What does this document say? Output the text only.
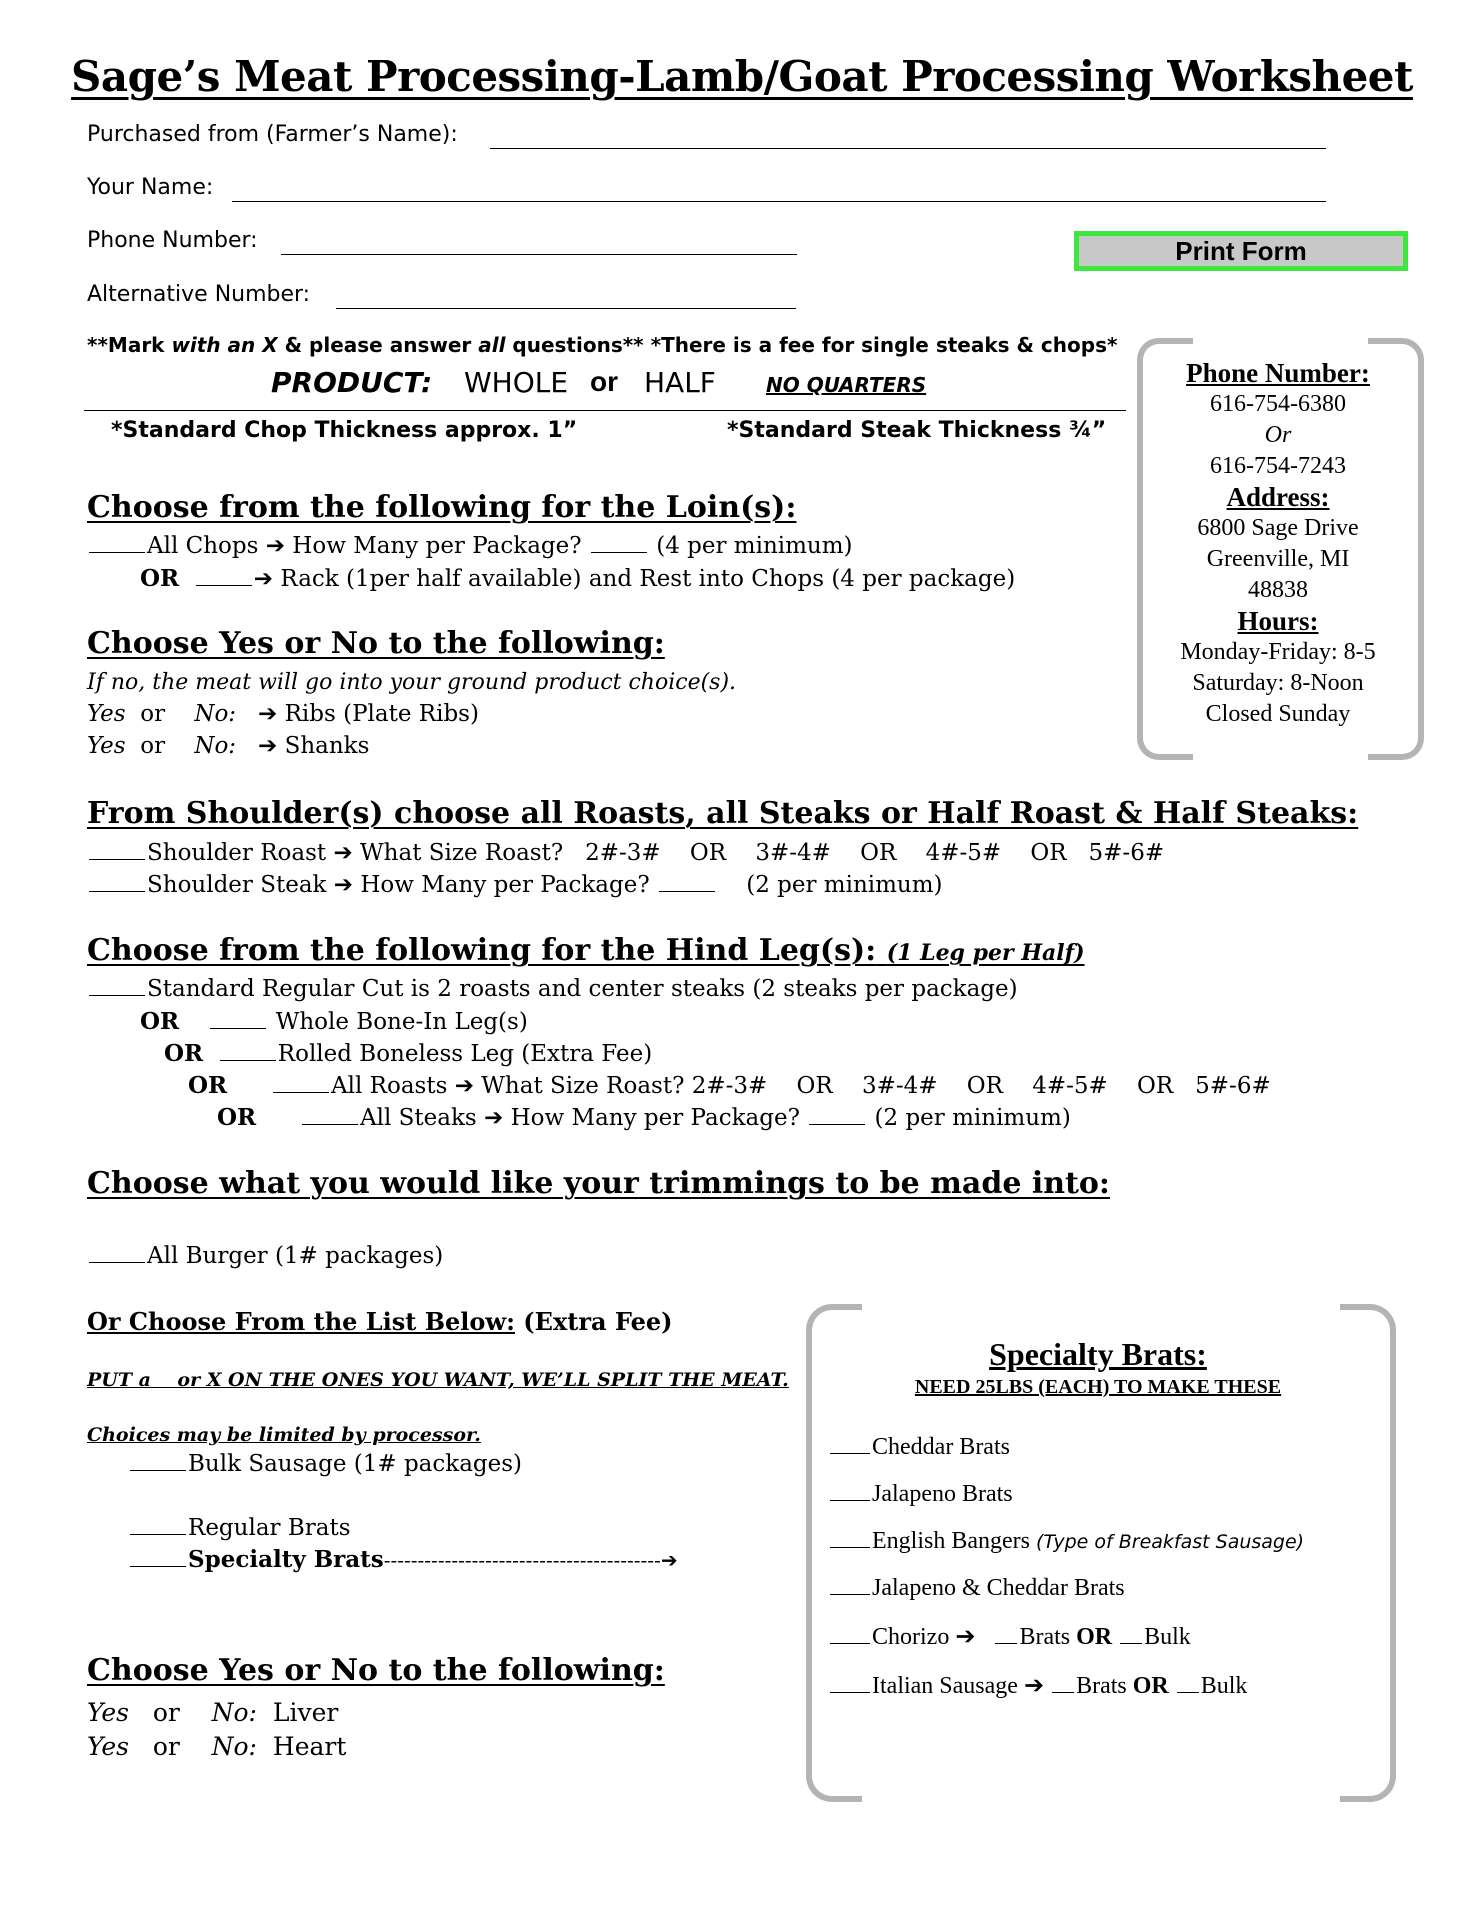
Sage’s Meat Processing-Lamb/Goat Processing Worksheet
Purchased from (Farmer’s Name):
Your Name:
Phone Number:	Print Form
Alternative Number:
**Mark with an X & please answer all questions** *There is a fee for single steaks & chops*
PRODUCT: WHOLE or HALF	NO QUARTERS
*Standard Chop Thickness approx. 1”	*Standard Steak Thickness ¾”
Phone Number:
616-754-6380
Or
616-754-7243
Address:
6800 Sage Drive
Greenville, MI
48838
Hours:
Monday-Friday: 8-5
Saturday: 8-Noon
Closed Sunday
Choose from the following for the Loin(s):
All Chops ➔ How Many per Package?	(4 per minimum)
OR	➔ Rack (1per half available) and Rest into Chops (4 per package)
Choose Yes or No to the following:
If no, the meat will go into your ground product choice(s).
Yes or No: ➔ Ribs (Plate Ribs)
Yes or No: ➔ Shanks
From Shoulder(s) choose all Roasts, all Steaks or Half Roast & Half Steaks:
Shoulder Roast ➔ What Size Roast?   2#-3#    OR    3#-4#    OR    4#-5#    OR   5#-6#
Shoulder Steak ➔ How Many per Package?	(2 per minimum)
Choose from the following for the Hind Leg(s): (1 Leg per Half)
Standard Regular Cut is 2 roasts and center steaks (2 steaks per package)
OR	Whole Bone-In Leg(s)
OR	Rolled Boneless Leg (Extra Fee)
OR	All Roasts ➔ What Size Roast? 2#-3#    OR    3#-4#    OR    4#-5#    OR   5#-6#
OR	All Steaks ➔ How Many per Package?	(2 per minimum)
Choose what you would like your trimmings to be made into:
All Burger (1# packages)
Or Choose From the List Below: (Extra Fee)
PUT a or X ON THE ONES YOU WANT, WE’LL SPLIT THE MEAT.
Choices may be limited by processor.
Bulk Sausage (1# packages)
Regular Brats
Specialty Brats-----------------------------------------➔
Choose Yes or No to the following:
Yes or No: Liver
Yes or No: Heart
Specialty Brats:
NEED 25LBS (EACH) TO MAKE THESE
Cheddar Brats
Jalapeno Brats
English Bangers (Type of Breakfast Sausage)
Jalapeno & Cheddar Brats
Chorizo ➔ Brats OR Bulk
Italian Sausage ➔ Brats OR Bulk
